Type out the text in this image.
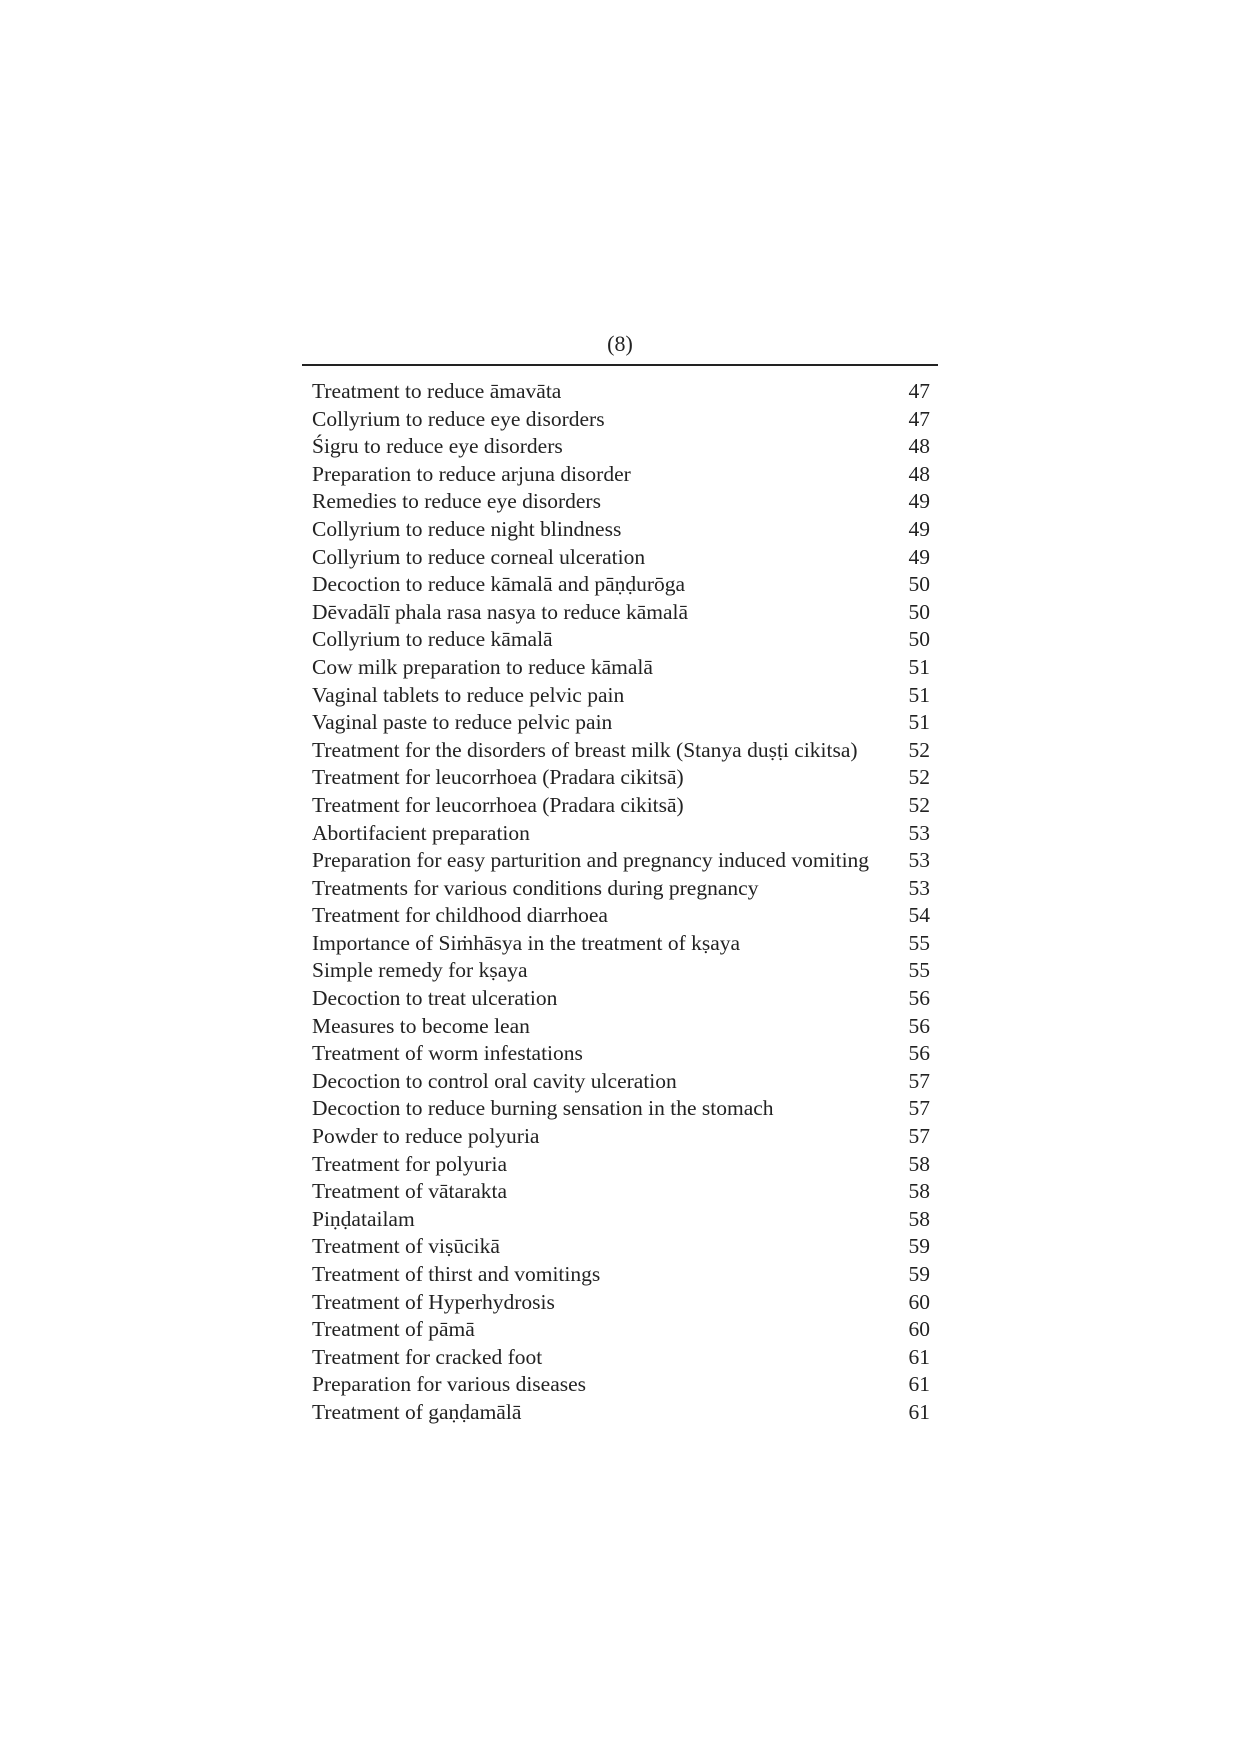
(8)
Treatment to reduce āmavāta	47
Collyrium to reduce eye disorders	47
Śigru to reduce eye disorders	48
Preparation to reduce arjuna disorder	48
Remedies to reduce eye disorders	49
Collyrium to reduce night blindness	49
Collyrium to reduce corneal ulceration	49
Decoction to reduce kāmalā and pāṇḍurōga	50
Dēvadālī phala rasa nasya to reduce kāmalā	50
Collyrium to reduce kāmalā	50
Cow milk preparation to reduce kāmalā	51
Vaginal tablets to reduce pelvic pain	51
Vaginal paste to reduce pelvic pain	51
Treatment for the disorders of breast milk (Stanya duṣṭi cikitsa)	52
Treatment for leucorrhoea (Pradara cikitsā)	52
Treatment for leucorrhoea (Pradara cikitsā)	52
Abortifacient preparation	53
Preparation for easy parturition and pregnancy induced vomiting	53
Treatments for various conditions during pregnancy	53
Treatment for childhood diarrhoea	54
Importance of Siṁhāsya in the treatment of kṣaya	55
Simple remedy for kṣaya	55
Decoction to treat ulceration	56
Measures to become lean	56
Treatment of worm infestations	56
Decoction to control oral cavity ulceration	57
Decoction to reduce burning sensation in the stomach	57
Powder to reduce polyuria	57
Treatment for polyuria	58
Treatment of vātarakta	58
Piṇḍatailam	58
Treatment of viṣūcikā	59
Treatment of thirst and vomitings	59
Treatment of Hyperhydrosis	60
Treatment of pāmā	60
Treatment for cracked foot	61
Preparation for various diseases	61
Treatment of gaṇḍamālā	61
